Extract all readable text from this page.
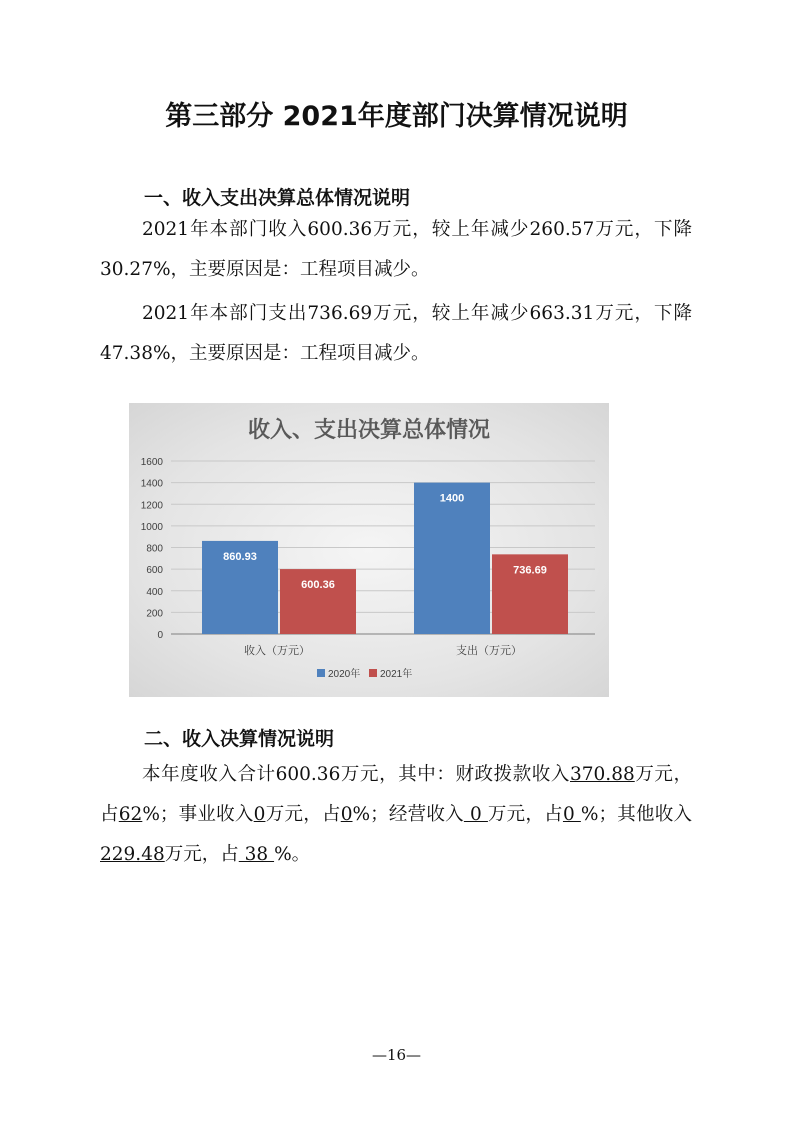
第三部分 2021年度部门决算情况说明
一、收入支出决算总体情况说明

2021年本部门收入600.36万元，较上年减少260.57万元，下降30.27%，主要原因是：工程项目减少。

2021年本部门支出736.69万元，较上年减少663.31万元，下降47.38%，主要原因是：工程项目减少。

收入、支出决算总体情况
0
200
400
600
800
1000
1200
1400
1600
860.93
600.36
收入（万元）
1400
736.69
支出（万元）
2020年 2021年
二、收入决算情况说明

本年度收入合计600.36万元，其中：财政拨款收入370.88万元，占62%；事业收入0万元，占0%；经营收入 0 万元，占0 %；其他收入229.48万元，占 38 %。

—16—
